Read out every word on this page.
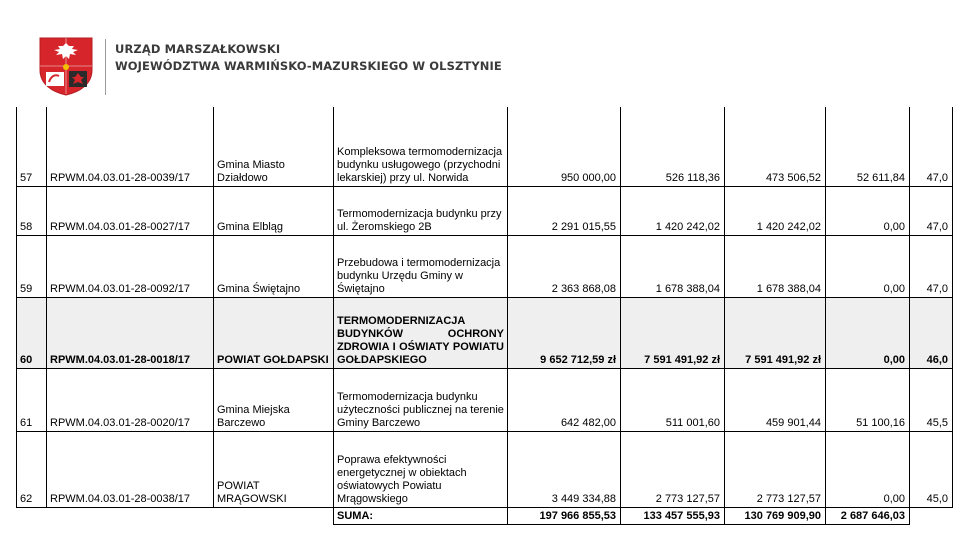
URZĄD MARSZAŁKOWSKI
WOJEWÓDZTWA WARMIŃSKO-MAZURSKIEGO W OLSZTYNIE
57	RPWM.04.03.01-28-0039/17	Gmina Miasto Działdowo	Kompleksowa termomodernizacja budynku usługowego (przychodni lekarskiej) przy ul. Norwida	950 000,00	526 118,36	473 506,52	52 611,84	47,0
58	RPWM.04.03.01-28-0027/17	Gmina Elbląg	Termomodernizacja budynku przy ul. Żeromskiego 2B	2 291 015,55	1 420 242,02	1 420 242,02	0,00	47,0
59	RPWM.04.03.01-28-0092/17	Gmina Świętajno	Przebudowa i termomodernizacja budynku Urzędu Gminy w Świętajno	2 363 868,08	1 678 388,04	1 678 388,04	0,00	47,0
60	RPWM.04.03.01-28-0018/17	POWIAT GOŁDAPSKI	TERMOMODERNIZACJA BUDYNKÓW OCHRONY ZDROWIA I OŚWIATY POWIATU GOŁDAPSKIEGO	9 652 712,59 zł	7 591 491,92 zł	7 591 491,92 zł	0,00	46,0
61	RPWM.04.03.01-28-0020/17	Gmina Miejska Barczewo	Termomodernizacja budynku użyteczności publicznej na terenie Gminy Barczewo	642 482,00	511 001,60	459 901,44	51 100,16	45,5
62	RPWM.04.03.01-28-0038/17	POWIAT MRĄGOWSKI	Poprawa efektywności energetycznej w obiektach oświatowych Powiatu Mrągowskiego	3 449 334,88	2 773 127,57	2 773 127,57	0,00	45,0
			SUMA:	197 966 855,53	133 457 555,93	130 769 909,90	2 687 646,03	
